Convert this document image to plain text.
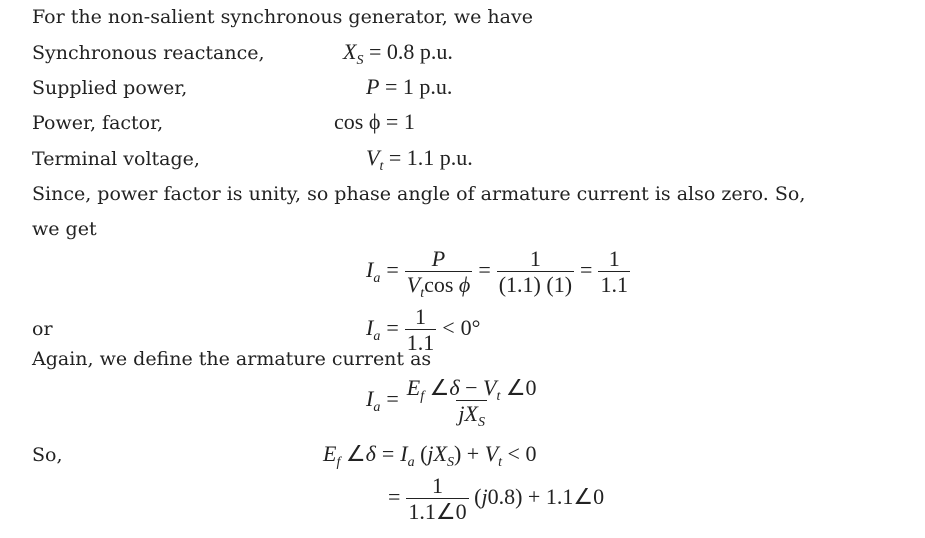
For the non-salient synchronous generator, we have
Synchronous reactance,	$X_S = 0.8$ p.u.
Supplied power,	P = 1 p.u.
Power, factor,	cos ϕ = 1
Terminal voltage,	$V_t = 1.1$ p.u.
Since, power factor is unity, so phase angle of armature current is also zero. So,
we get
$I_a = \frac{P}{V_t\cos \phi} = \frac{1}{(1.1) (1)} = \frac{1}{1.1}$
or	$I_a = \frac{1}{1.1} < 0^\circ$
Again, we define the armature current as
$I_a = \frac{E_f \angle\delta - V_t \angle 0}{jX_S}$
So,	$E_f$ ∠δ = $I_a$ $(jX_S) + V_t < 0$
= $\frac{1}{1.1\angle 0} (j0.8)$ + 1.1∠0
